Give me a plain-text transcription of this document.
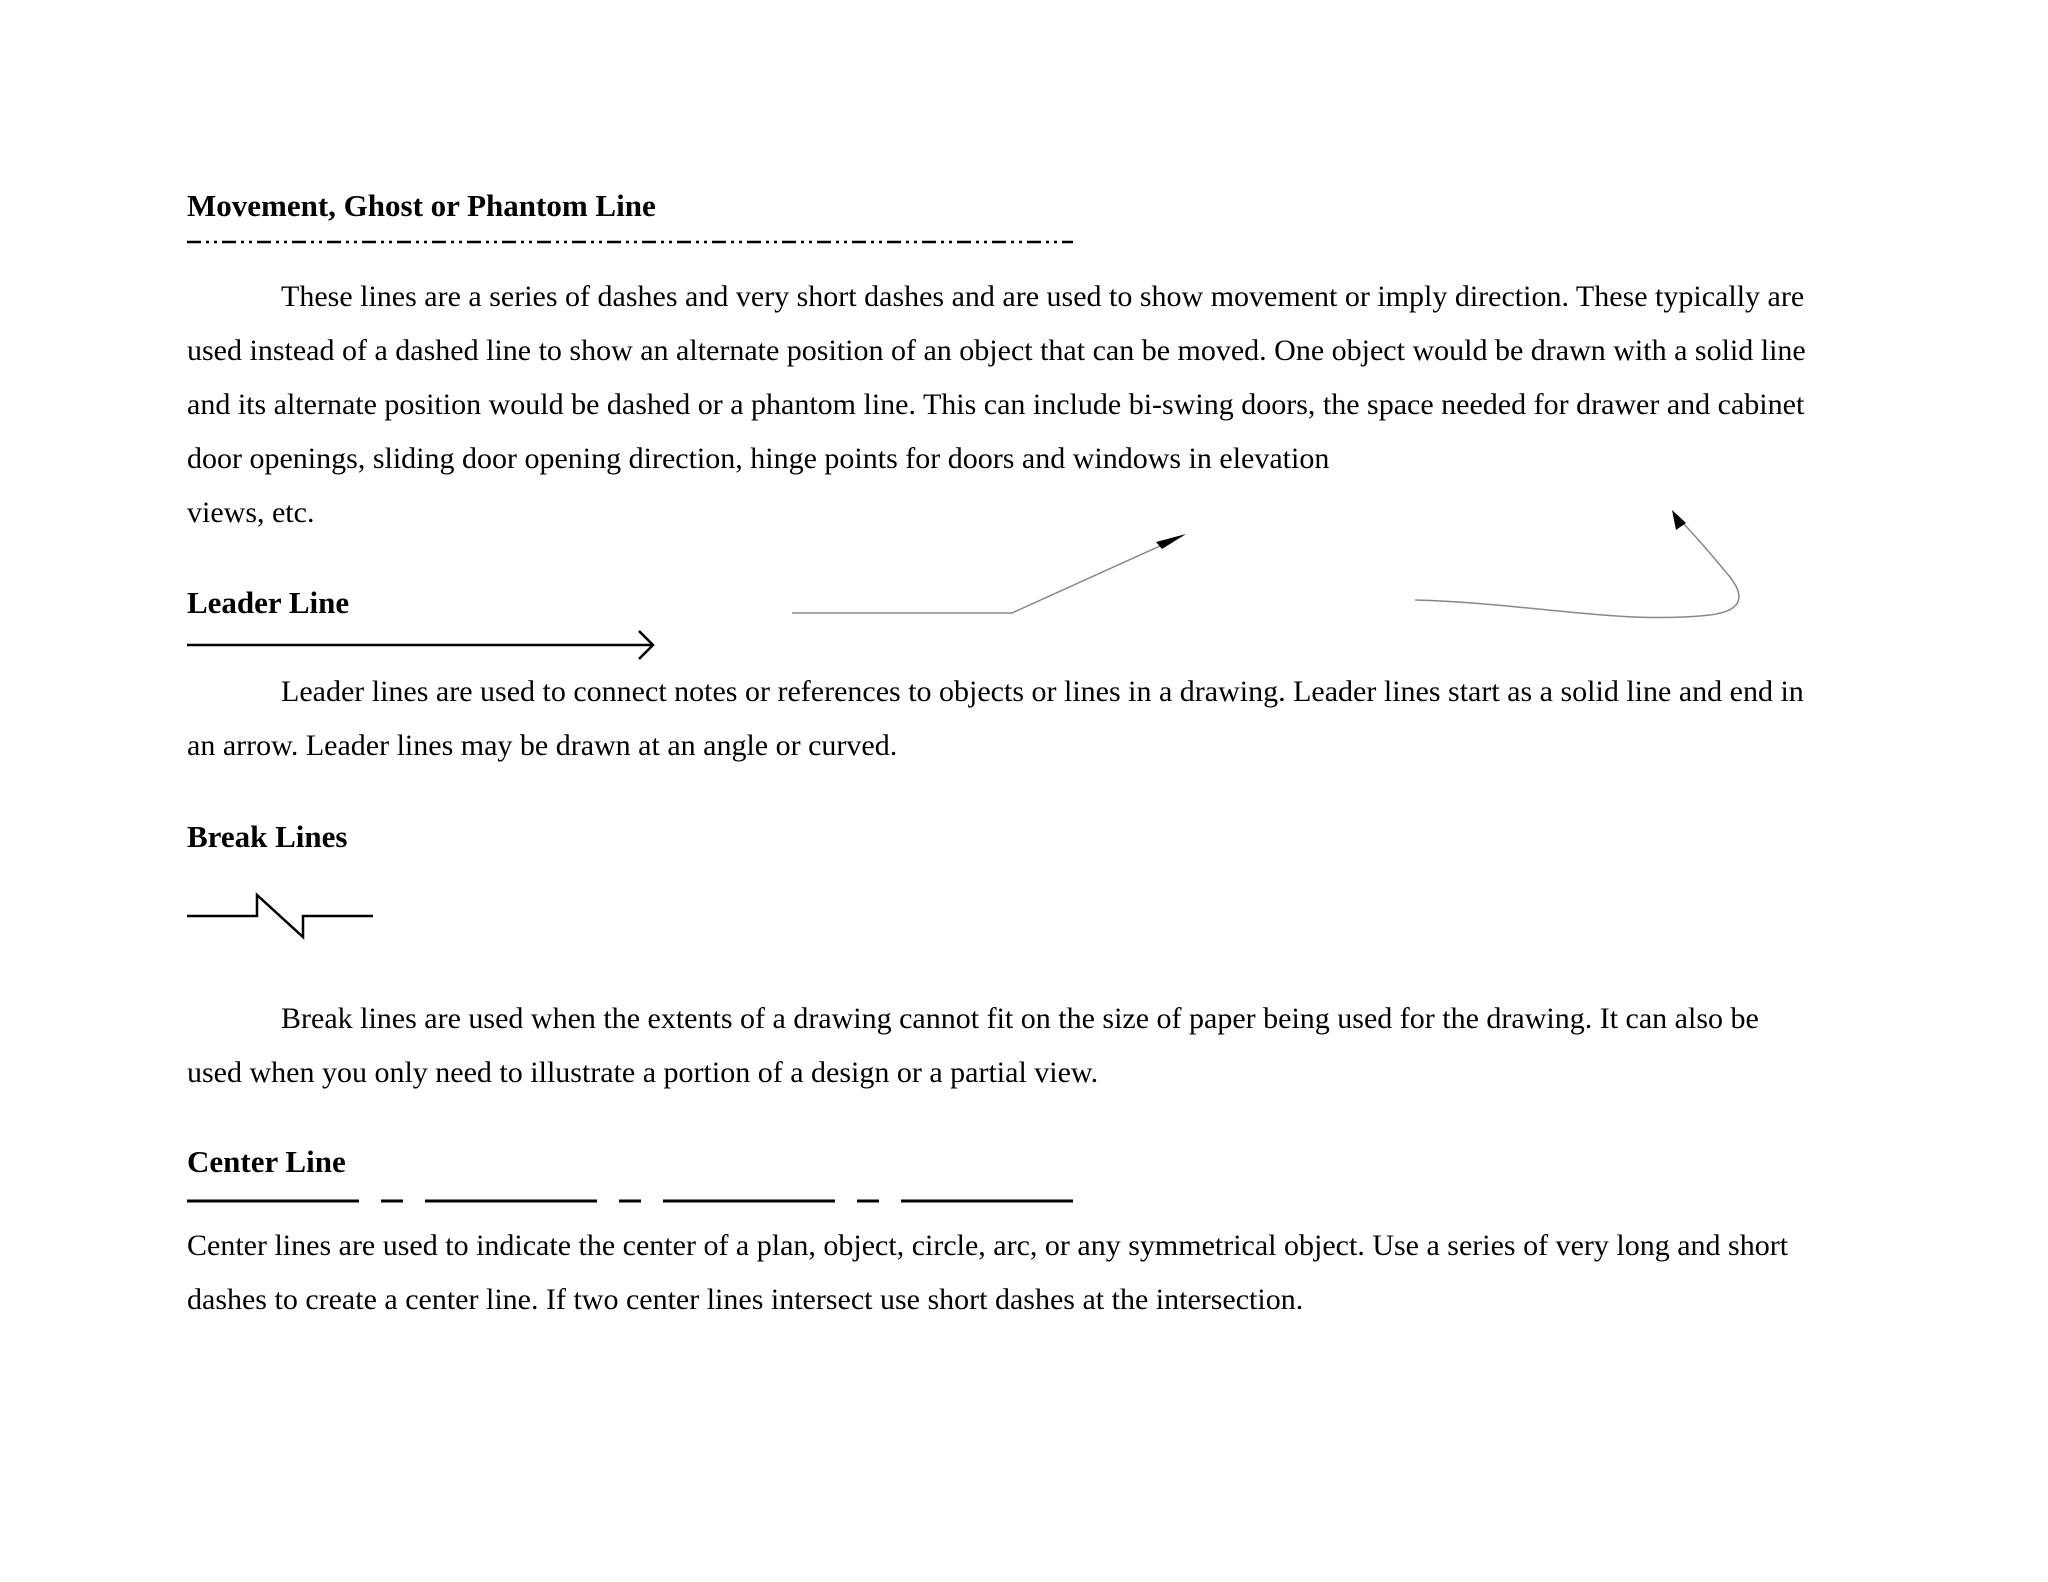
Movement, Ghost or Phantom Line
These lines are a series of dashes and very short dashes and are used to show movement or imply direction. These typically are
used instead of a dashed line to show an alternate position of an object that can be moved. One object would be drawn with a solid line
and its alternate position would be dashed or a phantom line. This can include bi-swing doors, the space needed for drawer and cabinet
door openings, sliding door opening direction, hinge points for doors and windows in elevation
views, etc.
Leader Line
Leader lines are used to connect notes or references to objects or lines in a drawing. Leader lines start as a solid line and end in
an arrow. Leader lines may be drawn at an angle or curved.
Break Lines
Break lines are used when the extents of a drawing cannot fit on the size of paper being used for the drawing. It can also be
used when you only need to illustrate a portion of a design or a partial view.
Center Line
Center lines are used to indicate the center of a plan, object, circle, arc, or any symmetrical object. Use a series of very long and short
dashes to create a center line. If two center lines intersect use short dashes at the intersection.
